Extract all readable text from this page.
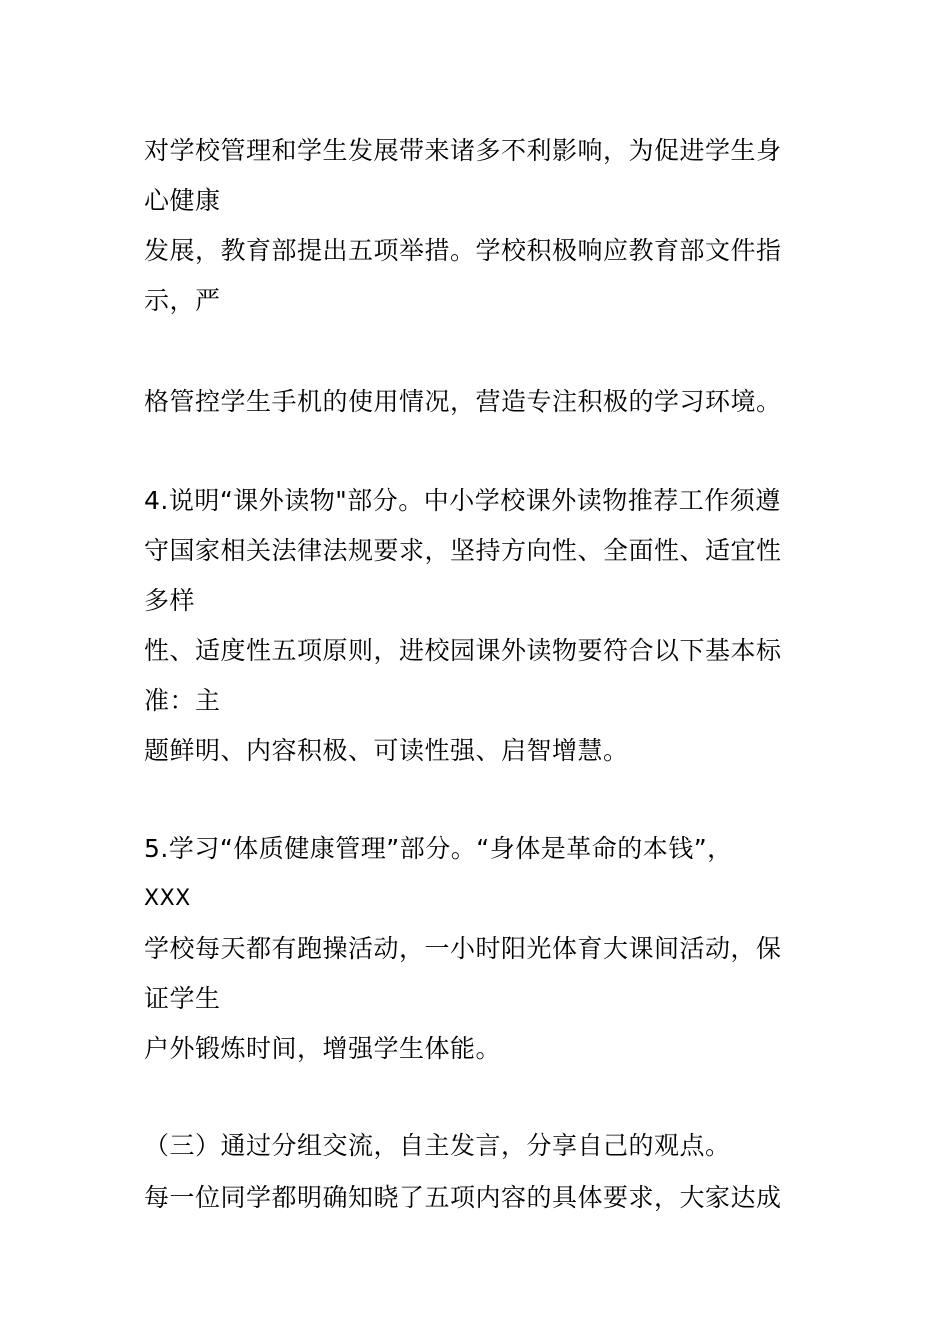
对学校管理和学生发展带来诸多不利影响，为促进学生身
心健康
发展，教育部提出五项举措。学校积极响应教育部文件指
示，严
格管控学生手机的使用情况，营造专注积极的学习环境。
4.说明“课外读物"部分。中小学校课外读物推荐工作须遵
守国家相关法律法规要求，坚持方向性、全面性、适宜性
多样
性、适度性五项原则，进校园课外读物要符合以下基本标
准：主
题鲜明、内容积极、可读性强、启智增慧。
5.学习“体质健康管理”部分。“身体是革命的本钱”，
XXX
学校每天都有跑操活动，一小时阳光体育大课间活动，保
证学生
户外锻炼时间，增强学生体能。
（三）通过分组交流，自主发言，分享自己的观点。
每一位同学都明确知晓了五项内容的具体要求，大家达成
